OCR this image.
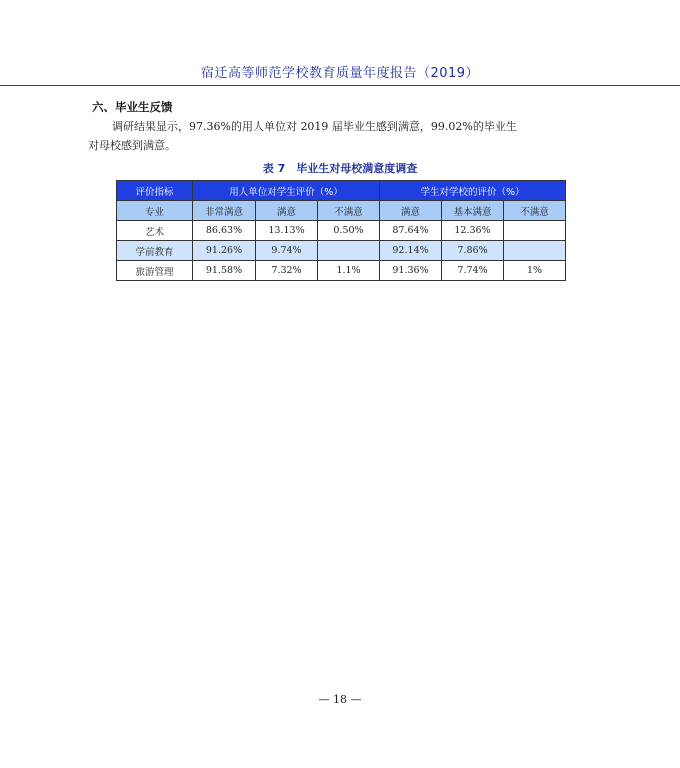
宿迁高等师范学校教育质量年度报告（2019）
六、毕业生反馈
调研结果显示，97.36%的用人单位对 2019 届毕业生感到满意，99.02%的毕业生
对母校感到满意。
表 7　毕业生对母校满意度调查
评价指标	用人单位对学生评价（%）			学生对学校的评价（%）		
专业	非常满意	满意	不满意	满意	基本满意	不满意
艺术	86.63%	13.13%	0.50%	87.64%	12.36%	
学前教育	91.26%	9.74%		92.14%	7.86%	
旅游管理	91.58%	7.32%	1.1%	91.36%	7.74%	1%
— 18 —
